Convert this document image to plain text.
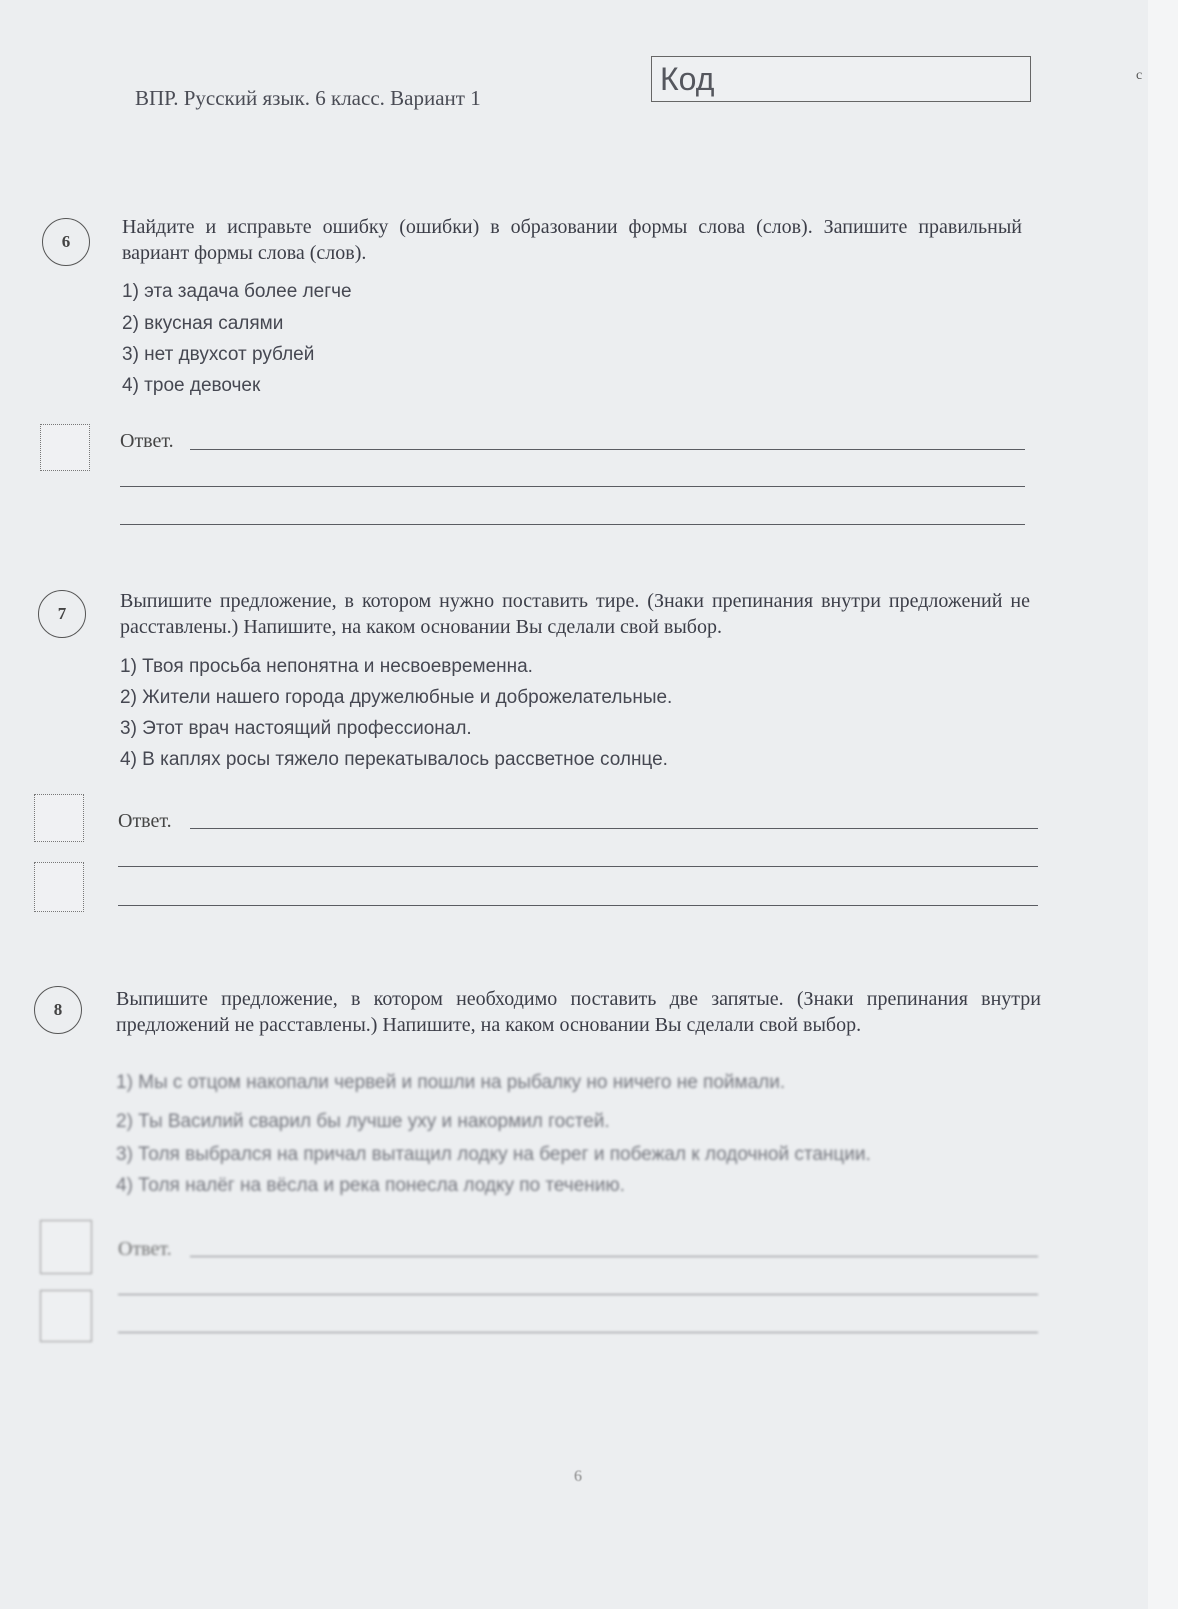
ВПР. Русский язык. 6 класс. Вариант 1
Код
6
Найдите и исправьте ошибку (ошибки) в образовании формы слова (слов). Запишите правильный вариант формы слова (слов).
1) эта задача более легче
2) вкусная салями
3) нет двухсот рублей
4) трое девочек
Ответ.
7
Выпишите предложение, в котором нужно поставить тире. (Знаки препинания внутри предложений не расставлены.) Напишите, на каком основании Вы сделали свой выбор.
1) Твоя просьба непонятна и несвоевременна.
2) Жители нашего города дружелюбные и доброжелательные.
3) Этот врач настоящий профессионал.
4) В каплях росы тяжело перекатывалось рассветное солнце.
Ответ.
8	Выпишите предложение, в котором необходимо поставить две запятые. (Знаки препинания внутри предложений не расставлены.) Напишите, на каком основании Вы сделали свой выбор.
1) Мы с отцом накопали червей и пошли на рыбалку но ничего не поймали.
2) Ты Василий сварил бы лучше уху и накормил гостей.
3) Толя выбрался на причал вытащил лодку на берег и побежал к лодочной станции.
4) Толя налёг на вёсла и река понесла лодку по течению.
Ответ.
6
с
